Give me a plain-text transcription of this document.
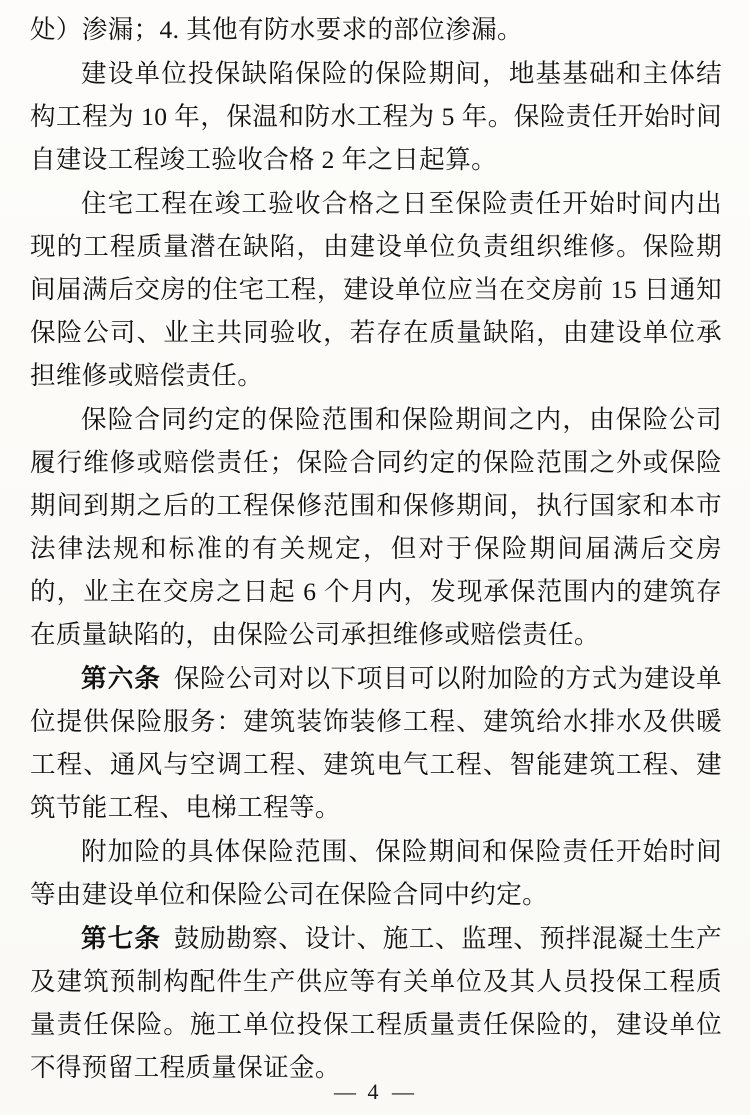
处）渗漏；4. 其他有防水要求的部位渗漏。

建设单位投保缺陷保险的保险期间，地基基础和主体结构工程为 10 年，保温和防水工程为 5 年。保险责任开始时间自建设工程竣工验收合格 2 年之日起算。

住宅工程在竣工验收合格之日至保险责任开始时间内出现的工程质量潜在缺陷，由建设单位负责组织维修。保险期间届满后交房的住宅工程，建设单位应当在交房前 15 日通知保险公司、业主共同验收，若存在质量缺陷，由建设单位承担维修或赔偿责任。

保险合同约定的保险范围和保险期间之内，由保险公司履行维修或赔偿责任；保险合同约定的保险范围之外或保险期间到期之后的工程保修范围和保修期间，执行国家和本市法律法规和标准的有关规定，但对于保险期间届满后交房的，业主在交房之日起 6 个月内，发现承保范围内的建筑存在质量缺陷的，由保险公司承担维修或赔偿责任。

第六条 保险公司对以下项目可以附加险的方式为建设单位提供保险服务：建筑装饰装修工程、建筑给水排水及供暖工程、通风与空调工程、建筑电气工程、智能建筑工程、建筑节能工程、电梯工程等。

附加险的具体保险范围、保险期间和保险责任开始时间等由建设单位和保险公司在保险合同中约定。

第七条 鼓励勘察、设计、施工、监理、预拌混凝土生产及建筑预制构配件生产供应等有关单位及其人员投保工程质量责任保险。施工单位投保工程质量责任保险的，建设单位不得预留工程质量保证金。

— 4 —
